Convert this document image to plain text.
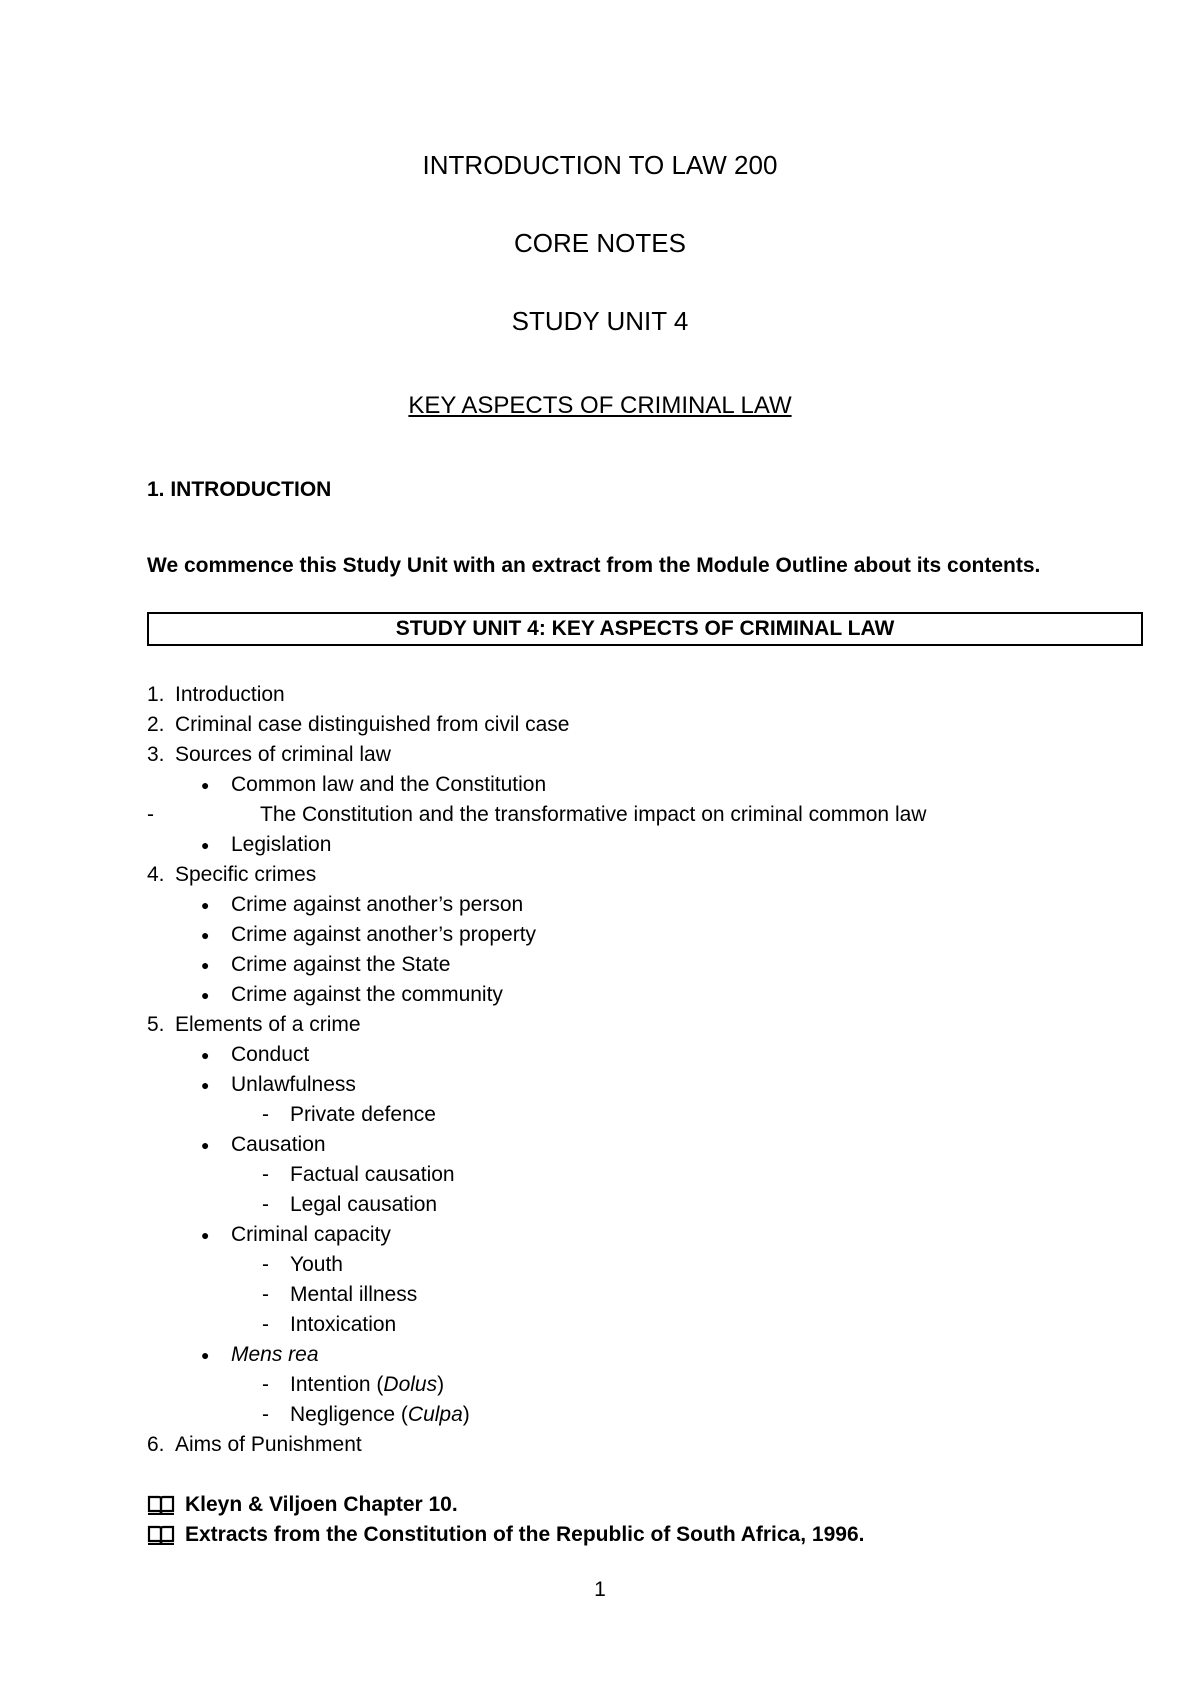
INTRODUCTION TO LAW 200
CORE NOTES
STUDY UNIT 4
KEY ASPECTS OF CRIMINAL LAW
1. INTRODUCTION
We commence this Study Unit with an extract from the Module Outline about its contents.
STUDY UNIT 4: KEY ASPECTS OF CRIMINAL LAW
1. Introduction
2. Criminal case distinguished from civil case
3. Sources of criminal law
● Common law and the Constitution
-	The Constitution and the transformative impact on criminal common law
● Legislation
4. Specific crimes
● Crime against another’s person
● Crime against another’s property
● Crime against the State
● Crime against the community
5. Elements of a crime
● Conduct
● Unlawfulness
- Private defence
● Causation
- Factual causation
- Legal causation
● Criminal capacity
- Youth
- Mental illness
- Intoxication
● Mens rea
- Intention (Dolus)
- Negligence (Culpa)
6. Aims of Punishment
Kleyn & Viljoen Chapter 10.
Extracts from the Constitution of the Republic of South Africa, 1996.
1
